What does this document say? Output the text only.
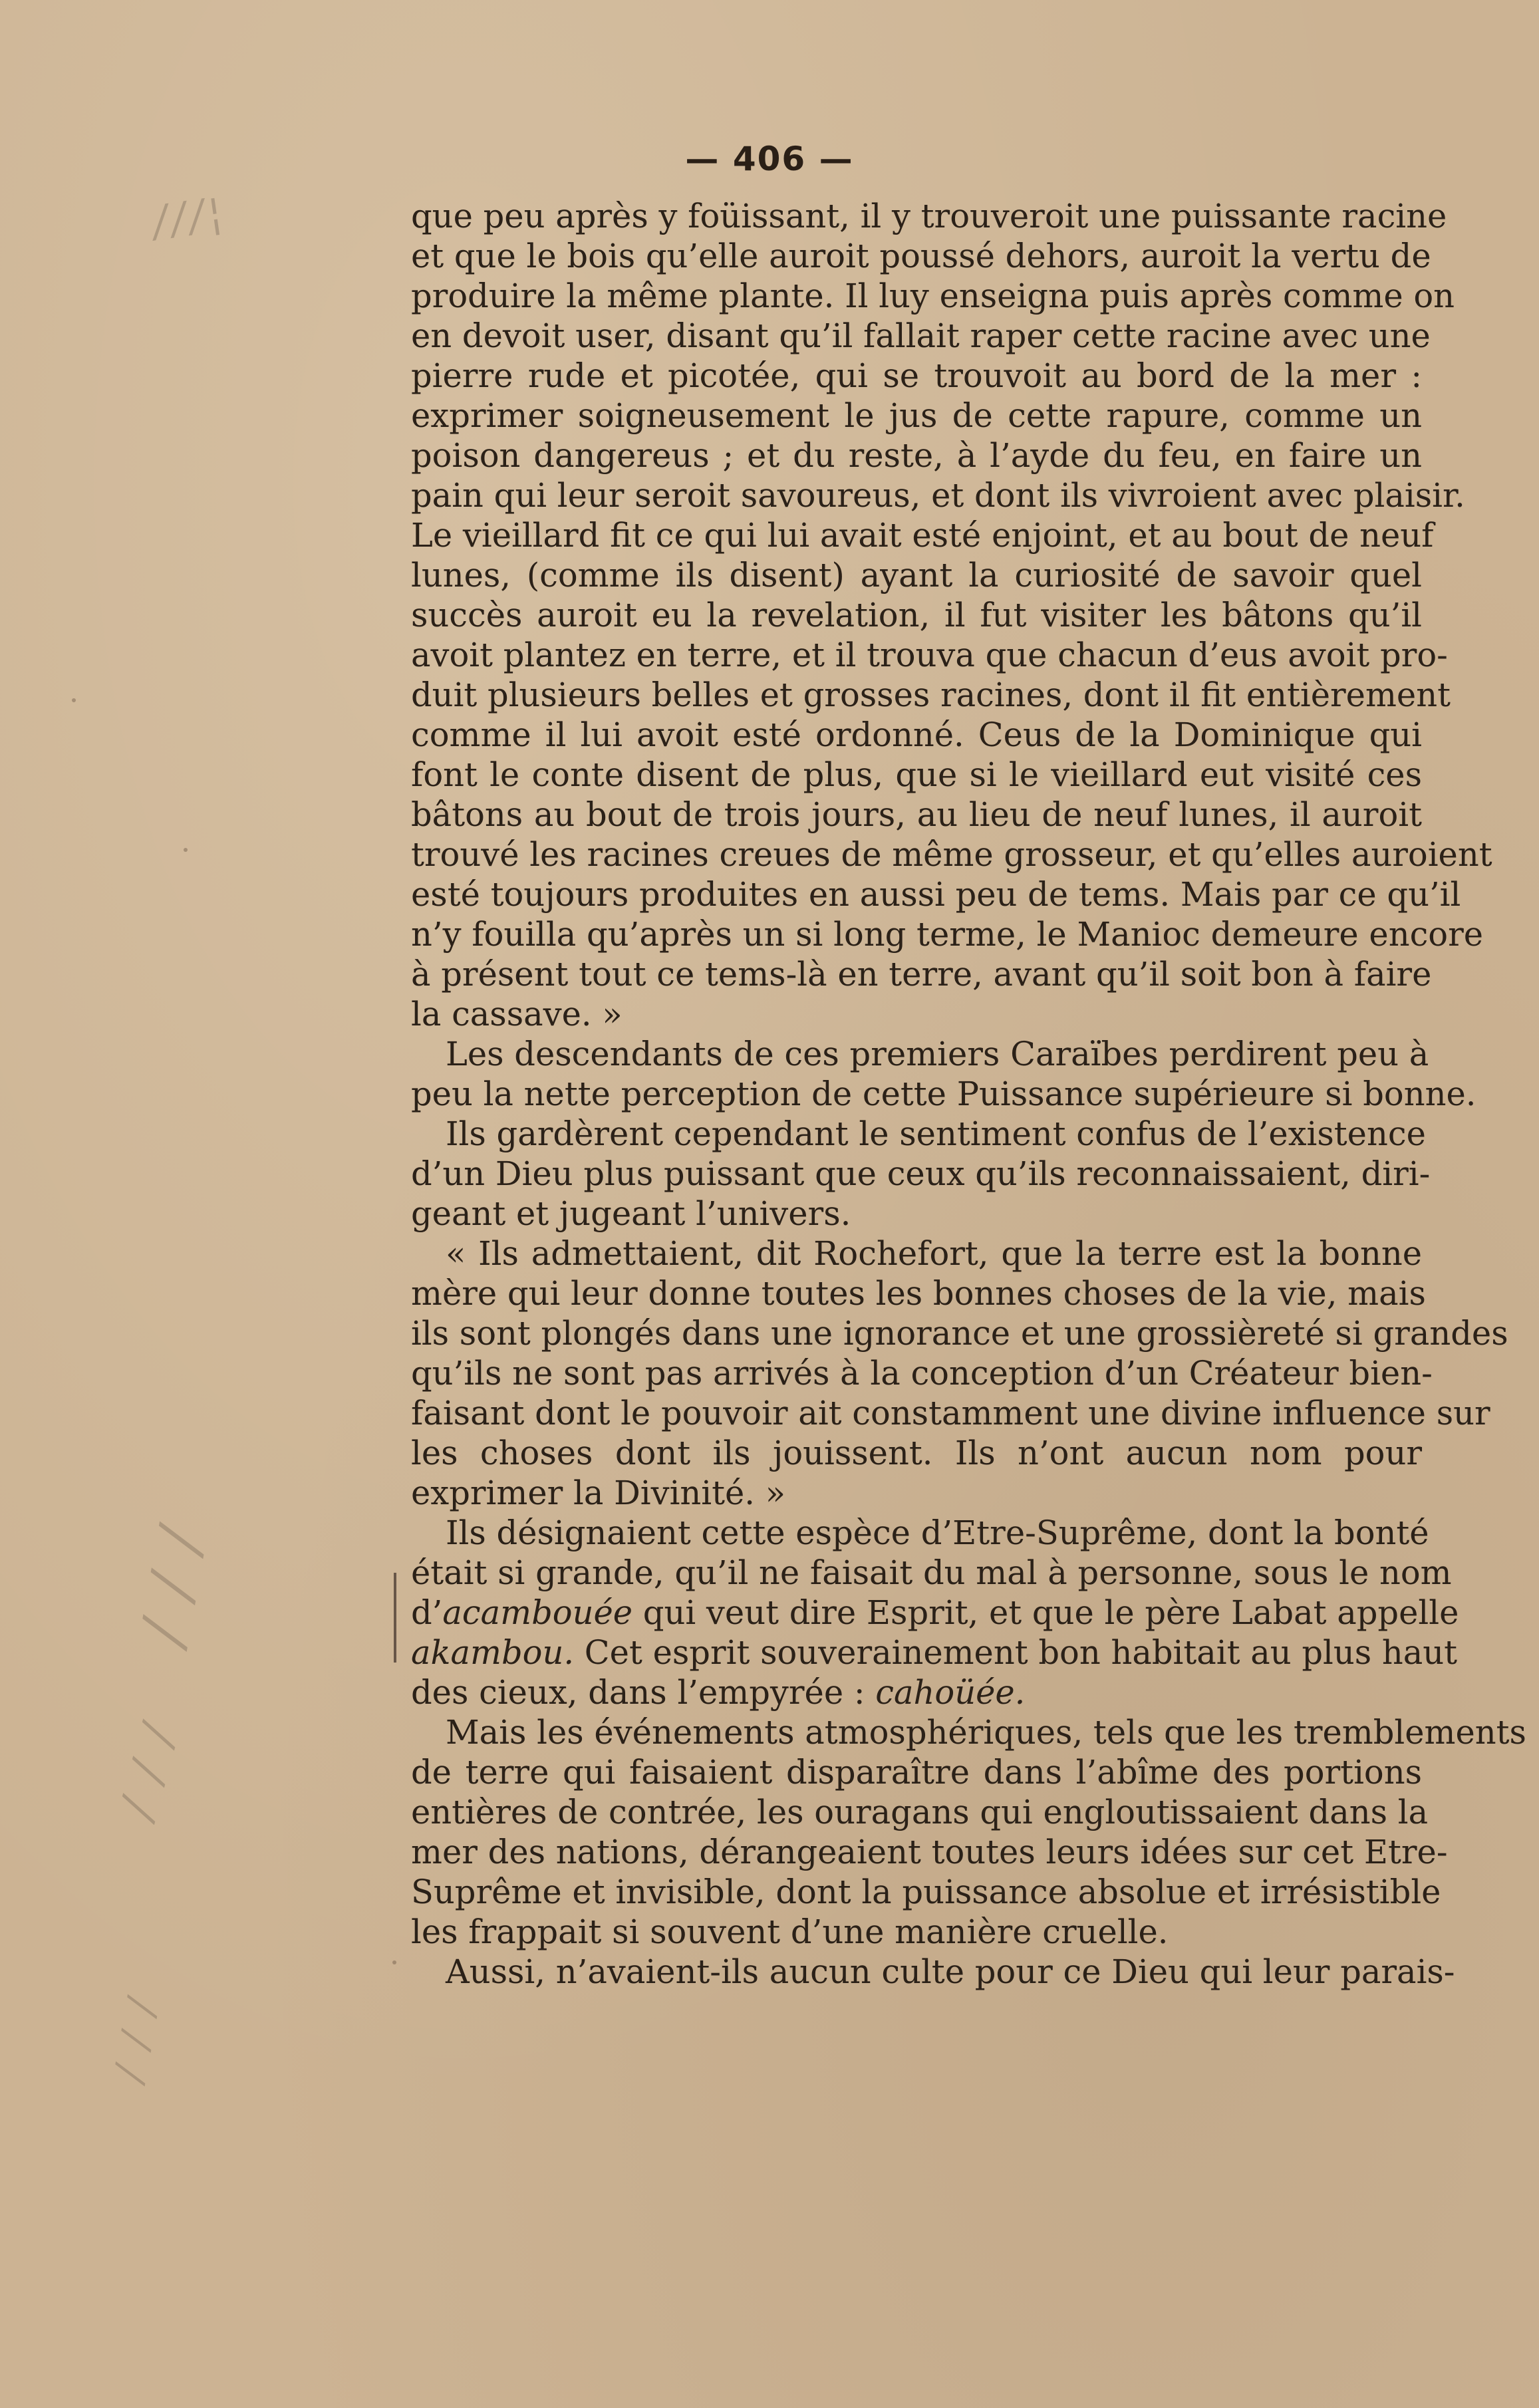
///¦
/ / /
/ / /
/ / /
— 406 —
que peu après y foüissant, il y trouveroit une puissante racine
et que le bois qu’elle auroit poussé dehors, auroit la vertu de
produire la même plante. Il luy enseigna puis après comme on
en devoit user, disant qu’il fallait raper cette racine avec une
pierre rude et picotée, qui se trouvoit au bord de la mer :
exprimer soigneusement le jus de cette rapure, comme un
poison dangereus ; et du reste, à l’ayde du feu, en faire un
pain qui leur seroit savoureus, et dont ils vivroient avec plaisir.
Le vieillard fit ce qui lui avait esté enjoint, et au bout de neuf
lunes, (comme ils disent) ayant la curiosité de savoir quel
succès auroit eu la revelation, il fut visiter les bâtons qu’il
avoit plantez en terre, et il trouva que chacun d’eus avoit pro-
duit plusieurs belles et grosses racines, dont il fit entièrement
comme il lui avoit esté ordonné. Ceus de la Dominique qui
font le conte disent de plus, que si le vieillard eut visité ces
bâtons au bout de trois jours, au lieu de neuf lunes, il auroit
trouvé les racines creues de même grosseur, et qu’elles auroient
esté toujours produites en aussi peu de tems. Mais par ce qu’il
n’y fouilla qu’après un si long terme, le Manioc demeure encore
à présent tout ce tems-là en terre, avant qu’il soit bon à faire
la cassave. »
Les descendants de ces premiers Caraïbes perdirent peu à
peu la nette perception de cette Puissance supérieure si bonne.
Ils gardèrent cependant le sentiment confus de l’existence
d’un Dieu plus puissant que ceux qu’ils reconnaissaient, diri-
geant et jugeant l’univers.
« Ils admettaient, dit Rochefort, que la terre est la bonne
mère qui leur donne toutes les bonnes choses de la vie, mais
ils sont plongés dans une ignorance et une grossièreté si grandes
qu’ils ne sont pas arrivés à la conception d’un Créateur bien-
faisant dont le pouvoir ait constamment une divine influence sur
les choses dont ils jouissent. Ils n’ont aucun nom pour
exprimer la Divinité. »
Ils désignaient cette espèce d’Etre-Suprême, dont la bonté
était si grande, qu’il ne faisait du mal à personne, sous le nom
d’acambouée qui veut dire Esprit, et que le père Labat appelle
akambou. Cet esprit souverainement bon habitait au plus haut
des cieux, dans l’empyrée : cahoüée.
Mais les événements atmosphériques, tels que les tremblements
de terre qui faisaient disparaître dans l’abîme des portions
entières de contrée, les ouragans qui engloutissaient dans la
mer des nations, dérangeaient toutes leurs idées sur cet Etre-
Suprême et invisible, dont la puissance absolue et irrésistible
les frappait si souvent d’une manière cruelle.
Aussi, n’avaient-ils aucun culte pour ce Dieu qui leur parais-
